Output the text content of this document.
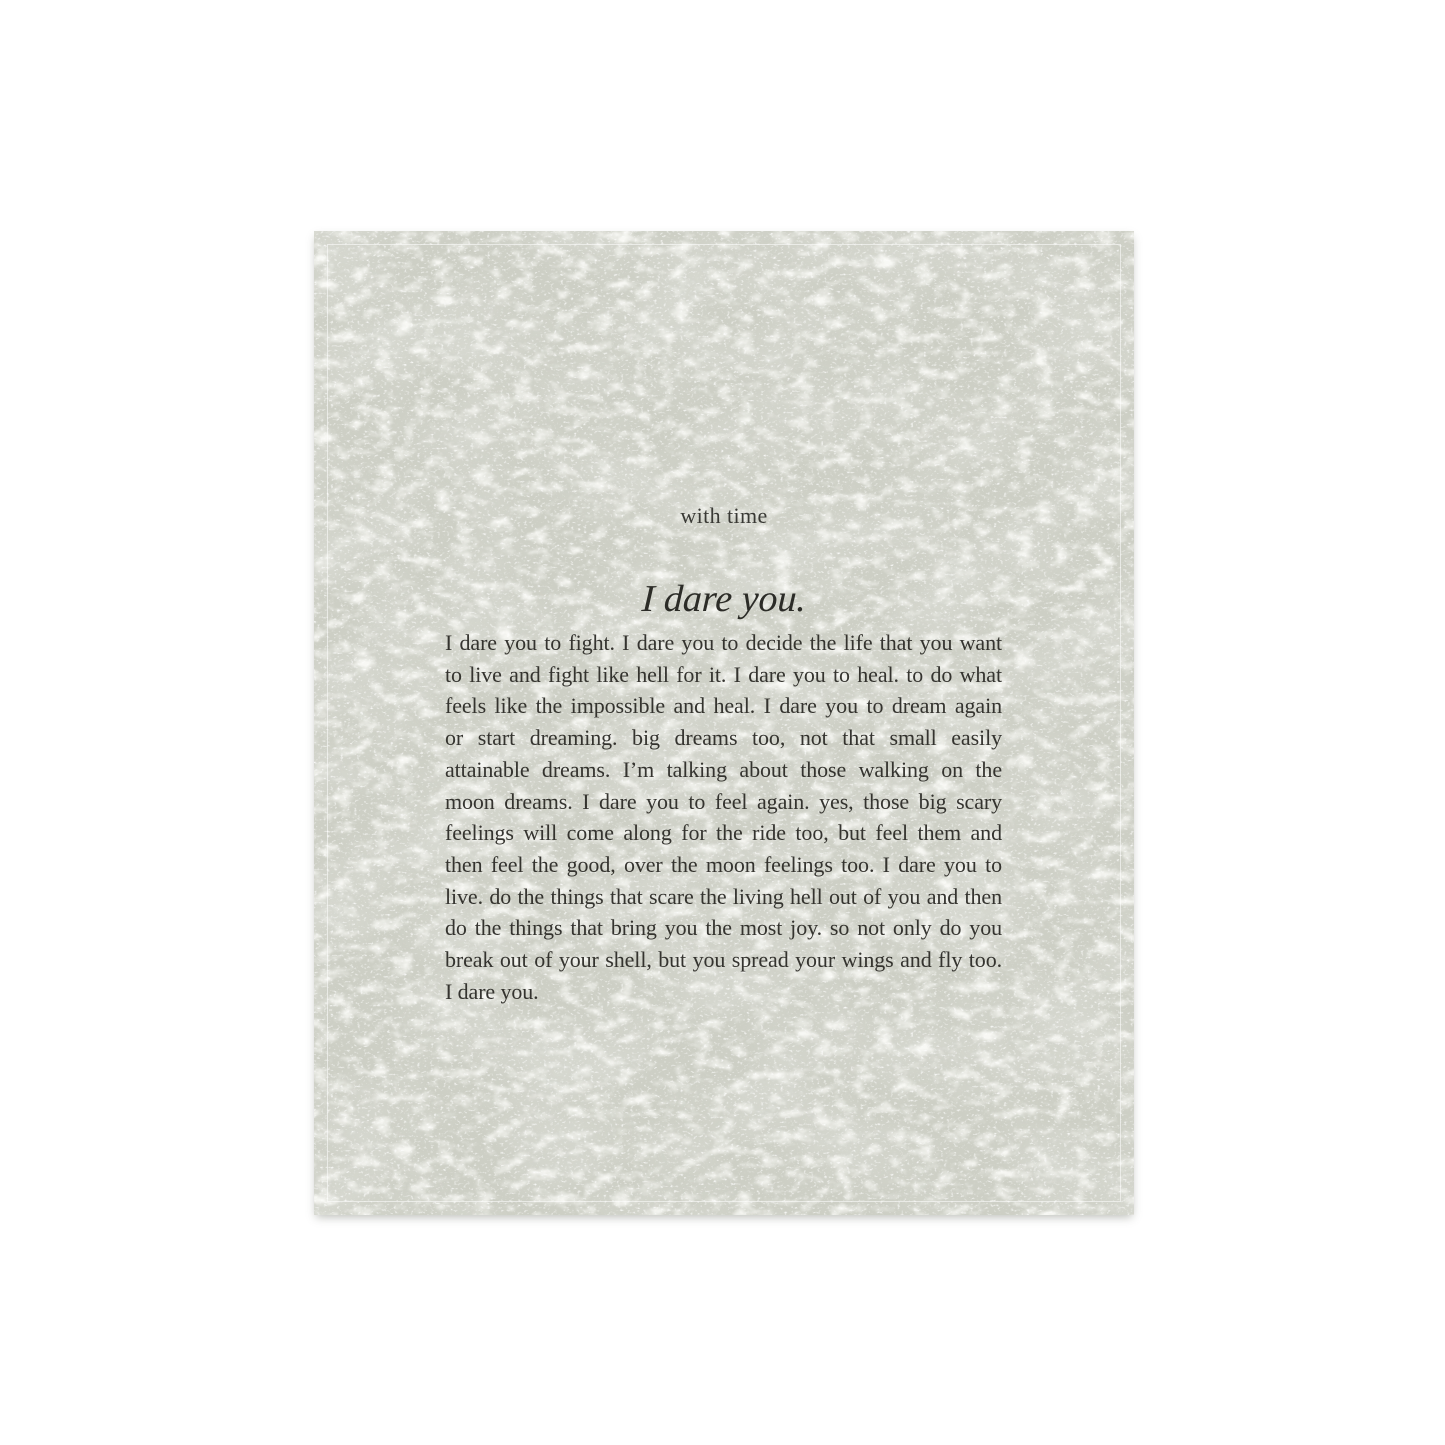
with time
I dare you.
I dare you to fight. I dare you to decide the life that you want
to live and fight like hell for it. I dare you to heal. to do what
feels like the impossible and heal. I dare you to dream again
or start dreaming. big dreams too, not that small easily
attainable dreams. I’m talking about those walking on the
moon dreams. I dare you to feel again. yes, those big scary
feelings will come along for the ride too, but feel them and
then feel the good, over the moon feelings too. I dare you to
live. do the things that scare the living hell out of you and then
do the things that bring you the most joy. so not only do you
break out of your shell, but you spread your wings and fly too.
I dare you.
